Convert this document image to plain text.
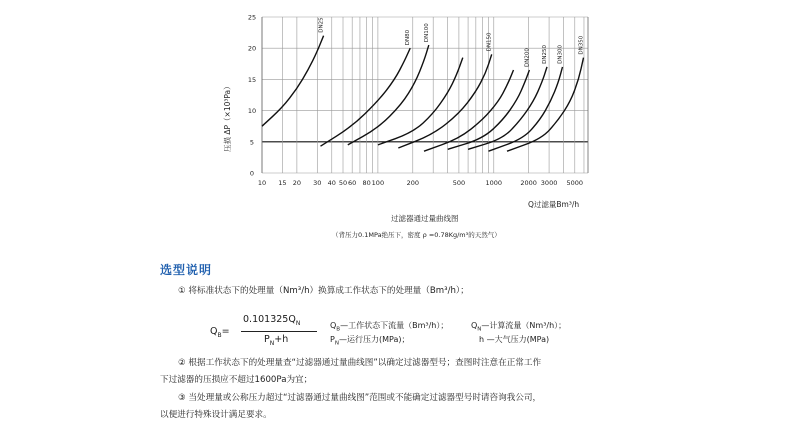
0
5
10
15
20
25
10 15 20 30 40 50 60 80 100	200	500	1000	2000 3000 5000
DN25
DN80 DN100	DN150
DN200 DN250 DN300	DN350
Q过滤量Bm³/h
压损 ΔP（×10³Pa）
过滤器通过量曲线图
（背压力0.1MPa绝压下，密度 ρ =0.78Kg/m³的天然气）
选型说明
① 将标准状态下的处理量（Nm³/h）换算成工作状态下的处理量（Bm³/h）；
$Q_B=$
$0.101325Q_N$
$P_N+h$
$Q_B—$工作状态下流量（Bm³/h）；	$Q_N—$计算流量（Nm³/h）；
$P_N—$运行压力(MPa)；	h —大气压力(MPa)
② 根据工作状态下的处理量查“过滤器通过量曲线图”以确定过滤器型号；查图时注意在正常工作
下过滤器的压损应不超过1600Pa为宜；
③ 当处理量或公称压力超过“过滤器通过量曲线图”范围或不能确定过滤器型号时请咨询我公司，
以便进行特殊设计满足要求。
